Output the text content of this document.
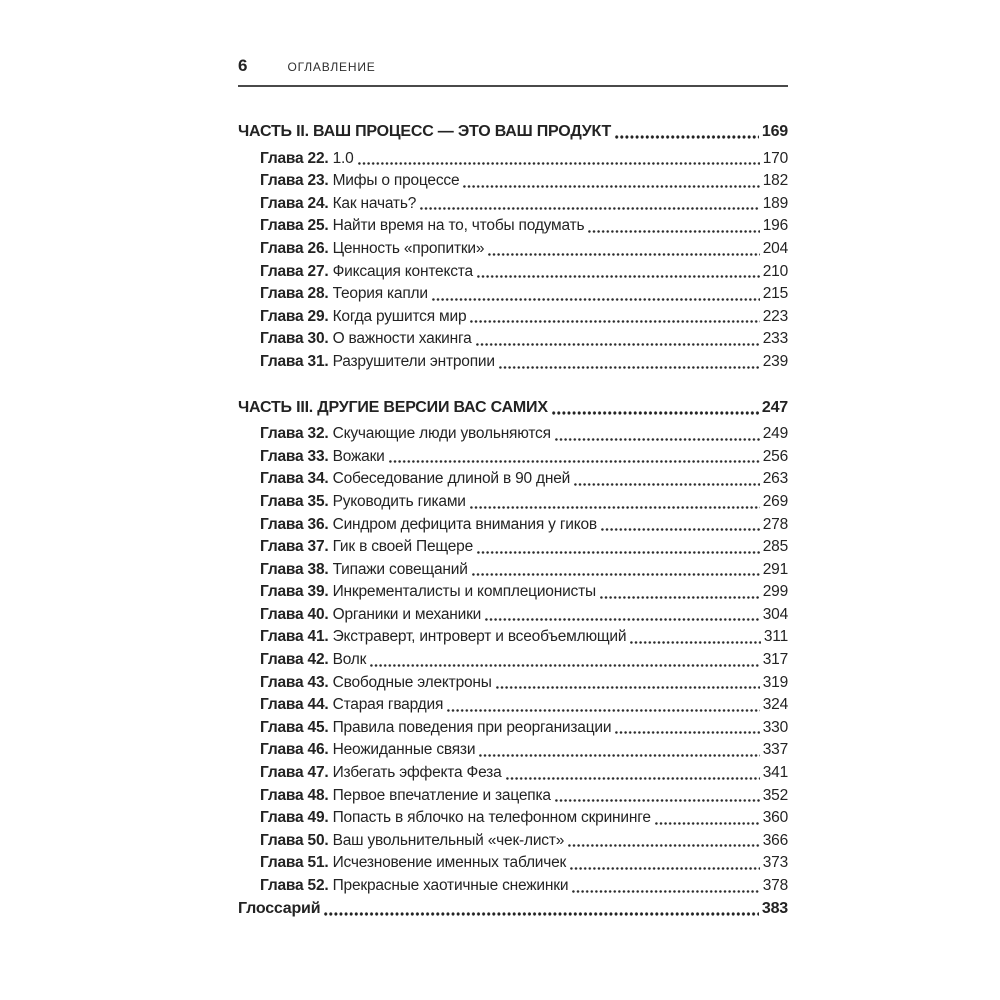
6	ОГЛАВЛЕНИЕ
ЧАСТЬ II. ВАШ ПРОЦЕСС — ЭТО ВАШ ПРОДУКТ	169
Глава 22. 1.0	170
Глава 23. Мифы о процессе	182
Глава 24. Как начать?	189
Глава 25. Найти время на то, чтобы подумать	196
Глава 26. Ценность «пропитки»	204
Глава 27. Фиксация контекста	210
Глава 28. Теория капли	215
Глава 29. Когда рушится мир	223
Глава 30. О важности хакинга	233
Глава 31. Разрушители энтропии	239
ЧАСТЬ III. ДРУГИЕ ВЕРСИИ ВАС САМИХ	247
Глава 32. Скучающие люди увольняются	249
Глава 33. Вожаки	256
Глава 34. Собеседование длиной в 90 дней	263
Глава 35. Руководить гиками	269
Глава 36. Синдром дефицита внимания у гиков	278
Глава 37. Гик в своей Пещере	285
Глава 38. Типажи совещаний	291
Глава 39. Инкременталисты и комплеционисты	299
Глава 40. Органики и механики	304
Глава 41. Экстраверт, интроверт и всеобъемлющий	311
Глава 42. Волк	317
Глава 43. Свободные электроны	319
Глава 44. Старая гвардия	324
Глава 45. Правила поведения при реорганизации	330
Глава 46. Неожиданные связи	337
Глава 47. Избегать эффекта Феза	341
Глава 48. Первое впечатление и зацепка	352
Глава 49. Попасть в яблочко на телефонном скрининге	360
Глава 50. Ваш увольнительный «чек-лист»	366
Глава 51. Исчезновение именных табличек	373
Глава 52. Прекрасные хаотичные снежинки	378
Глоссарий	383
